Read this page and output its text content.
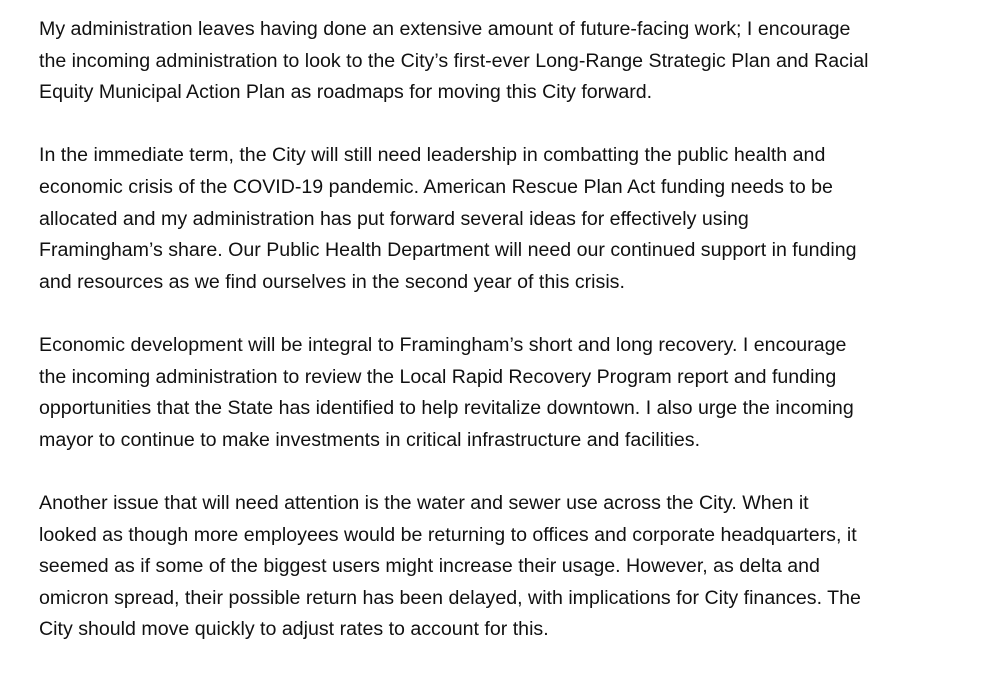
My administration leaves having done an extensive amount of future-facing work; I encourage
the incoming administration to look to the City’s first-ever Long-Range Strategic Plan and Racial
Equity Municipal Action Plan as roadmaps for moving this City forward.

In the immediate term, the City will still need leadership in combatting the public health and
economic crisis of the COVID-19 pandemic. American Rescue Plan Act funding needs to be
allocated and my administration has put forward several ideas for effectively using
Framingham’s share. Our Public Health Department will need our continued support in funding
and resources as we find ourselves in the second year of this crisis.

Economic development will be integral to Framingham’s short and long recovery. I encourage
the incoming administration to review the Local Rapid Recovery Program report and funding
opportunities that the State has identified to help revitalize downtown. I also urge the incoming
mayor to continue to make investments in critical infrastructure and facilities.

Another issue that will need attention is the water and sewer use across the City. When it
looked as though more employees would be returning to offices and corporate headquarters, it
seemed as if some of the biggest users might increase their usage. However, as delta and
omicron spread, their possible return has been delayed, with implications for City finances. The
City should move quickly to adjust rates to account for this.
